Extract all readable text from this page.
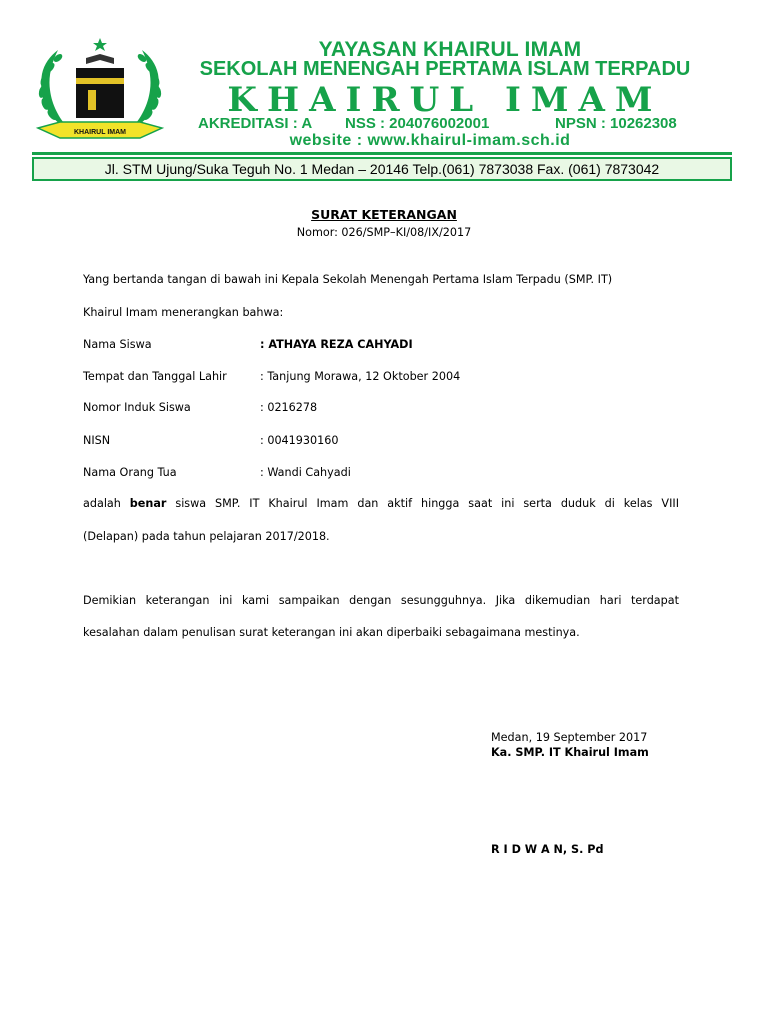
KHAIRUL IMAM
YAYASAN KHAIRUL IMAM
SEKOLAH MENENGAH PERTAMA ISLAM TERPADU
KHAIRUL IMAM
AKREDITASI : A NSS : 204076002001	NPSN : 10262308
website : www.khairul-imam.sch.id
Jl. STM Ujung/Suka Teguh No. 1 Medan – 20146 Telp.(061) 7873038 Fax. (061) 7873042
SURAT KETERANGAN
Nomor: 026/SMP–KI/08/IX/2017
Yang bertanda tangan di bawah ini Kepala Sekolah Menengah Pertama Islam Terpadu (SMP. IT)
Khairul Imam menerangkan bahwa:
Nama Siswa	: ATHAYA REZA CAHYADI
Tempat dan Tanggal Lahir	: Tanjung Morawa, 12 Oktober 2004
Nomor Induk Siswa	: 0216278
NISN	: 0041930160
Nama Orang Tua	: Wandi Cahyadi
adalah benar siswa SMP. IT Khairul Imam dan aktif hingga saat ini serta duduk di kelas VIII
(Delapan) pada tahun pelajaran 2017/2018.
Demikian keterangan ini kami sampaikan dengan sesungguhnya. Jika dikemudian hari terdapat
kesalahan dalam penulisan surat keterangan ini akan diperbaiki sebagaimana mestinya.
Medan, 19 September 2017
Ka. SMP. IT Khairul Imam
R I D W A N, S. Pd
